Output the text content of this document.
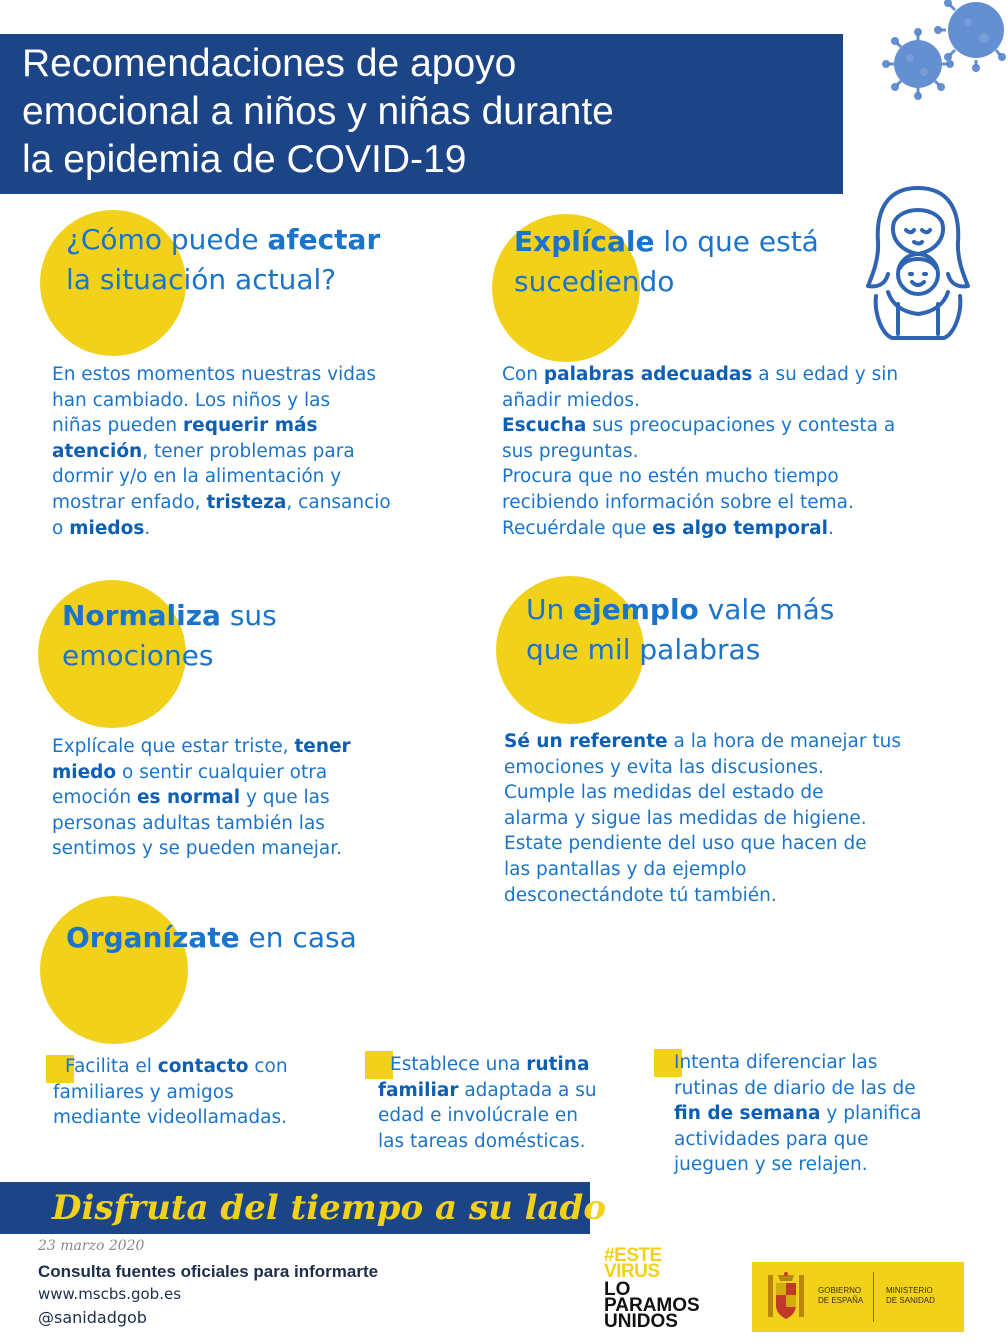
Recomendaciones de apoyo
emocional a niños y niñas durante
la epidemia de COVID-19
¿Cómo puede afectar
la situación actual?
En estos momentos nuestras vidas
han cambiado. Los niños y las
niñas pueden requerir más
atención, tener problemas para
dormir y/o en la alimentación y
mostrar enfado, tristeza, cansancio
o miedos.
Explícale lo que está
sucediendo
Con palabras adecuadas a su edad y sin
añadir miedos.
Escucha sus preocupaciones y contesta a
sus preguntas.
Procura que no estén mucho tiempo
recibiendo información sobre el tema.
Recuérdale que es algo temporal.
Normaliza sus
emociones
Explícale que estar triste, tener
miedo o sentir cualquier otra
emoción es normal y que las
personas adultas también las
sentimos y se pueden manejar.
Un ejemplo vale más
que mil palabras
Sé un referente a la hora de manejar tus
emociones y evita las discusiones.
Cumple las medidas del estado de
alarma y sigue las medidas de higiene.
Estate pendiente del uso que hacen de
las pantallas y da ejemplo
desconectándote tú también.
Organízate en casa
Facilita el contacto con
familiares y amigos
mediante videollamadas.
Establece una rutina
familiar adaptada a su
edad e involúcrale en
las tareas domésticas.
Intenta diferenciar las
rutinas de diario de las de
fin de semana y planifica
actividades para que
jueguen y se relajen.
Disfruta del tiempo a su lado
23 marzo 2020
Consulta fuentes oficiales para informarte
www.mscbs.gob.es
@sanidadgob
#ESTE
VIRUS
LO
PARAMOS
UNIDOS
GOBIERNO
DE ESPAÑA
MINISTERIO
DE SANIDAD
